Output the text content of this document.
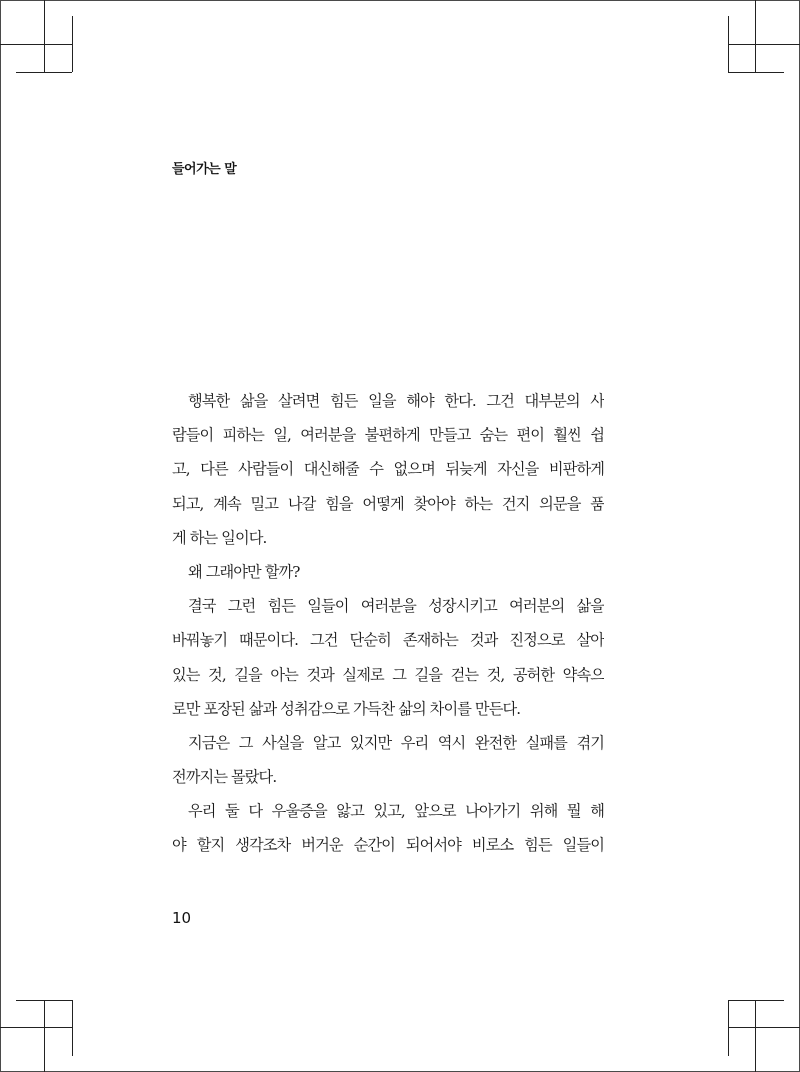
들어가는 말
행복한 삶을 살려면 힘든 일을 해야 한다. 그건 대부분의 사
람들이 피하는 일, 여러분을 불편하게 만들고 숨는 편이 훨씬 쉽
고, 다른 사람들이 대신해줄 수 없으며 뒤늦게 자신을 비판하게
되고, 계속 밀고 나갈 힘을 어떻게 찾아야 하는 건지 의문을 품
게 하는 일이다.
왜 그래야만 할까?
결국 그런 힘든 일들이 여러분을 성장시키고 여러분의 삶을
바꿔놓기 때문이다. 그건 단순히 존재하는 것과 진정으로 살아
있는 것, 길을 아는 것과 실제로 그 길을 걷는 것, 공허한 약속으
로만 포장된 삶과 성취감으로 가득찬 삶의 차이를 만든다.
지금은 그 사실을 알고 있지만 우리 역시 완전한 실패를 겪기
전까지는 몰랐다.
우리 둘 다 우울증을 앓고 있고, 앞으로 나아가기 위해 뭘 해
야 할지 생각조차 버거운 순간이 되어서야 비로소 힘든 일들이
10
